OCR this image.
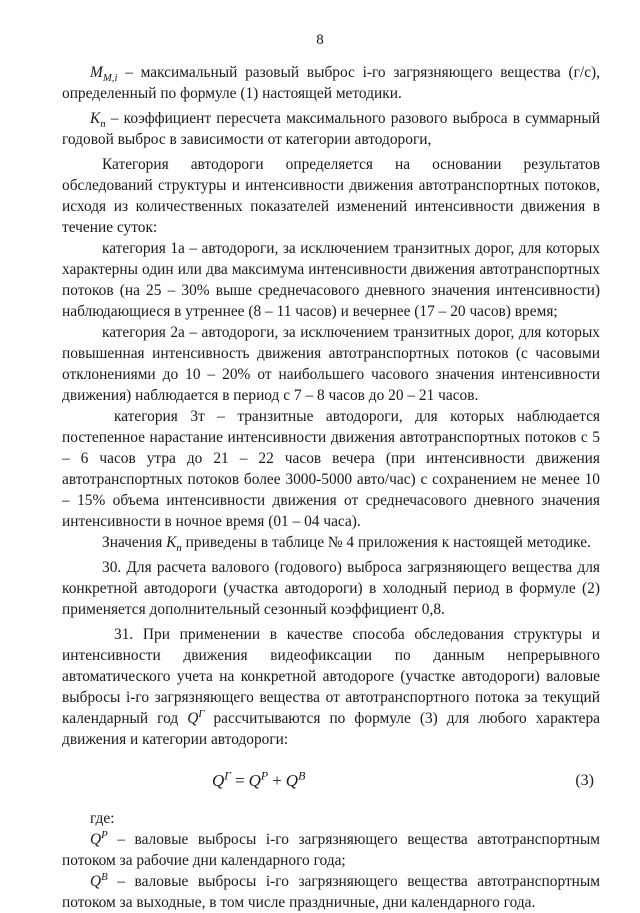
8

$M_{M,i}$ – максимальный разовый выброс i-го загрязняющего вещества (г/с), определенный по формуле (1) настоящей методики.

$K_n$ – коэффициент пересчета максимального разового выброса в суммарный годовой выброс в зависимости от категории автодороги,

Категория автодороги определяется на основании результатов обследований структуры и интенсивности движения автотранспортных потоков, исходя из количественных показателей изменений интенсивности движения в течение суток:

категория 1а – автодороги, за исключением транзитных дорог, для которых характерны один или два максимума интенсивности движения автотранспортных потоков (на 25 – 30% выше среднечасового дневного значения интенсивности) наблюдающиеся в утреннее (8 – 11 часов) и вечернее (17 – 20 часов) время;

категория 2а – автодороги, за исключением транзитных дорог, для которых повышенная интенсивность движения автотранспортных потоков (с часовыми отклонениями до 10 – 20% от наибольшего часового значения интенсивности движения) наблюдается в период с 7 – 8 часов до 20 – 21 часов.

категория 3т – транзитные автодороги, для которых наблюдается постепенное нарастание интенсивности движения автотранспортных потоков с 5 – 6 часов утра до 21 – 22 часов вечера (при интенсивности движения автотранспортных потоков более 3000-5000 авто/час) с сохранением не менее 10 – 15% объема интенсивности движения от среднечасового дневного значения интенсивности в ночное время (01 – 04 часа).

Значения $K_n$ приведены в таблице № 4 приложения к настоящей методике.

30. Для расчета валового (годового) выброса загрязняющего вещества для конкретной автодороги (участка автодороги) в холодный период в формуле (2) применяется дополнительный сезонный коэффициент 0,8.

31. При применении в качестве способа обследования структуры и интенсивности движения видеофиксации по данным непрерывного автоматического учета на конкретной автодороге (участке автодороги) валовые выбросы i-го загрязняющего вещества от автотранспортного потока за текущий календарный год $Q^Г$ рассчитываются по формуле (3) для любого характера движения и категории автодороги:

$Q^Г = Q^Р + Q^В$	(3)

где:

$Q^Р$ – валовые выбросы i-го загрязняющего вещества автотранспортным потоком за рабочие дни календарного года;

$Q^В$ – валовые выбросы i-го загрязняющего вещества автотранспортным потоком за выходные, в том числе праздничные, дни календарного года.
